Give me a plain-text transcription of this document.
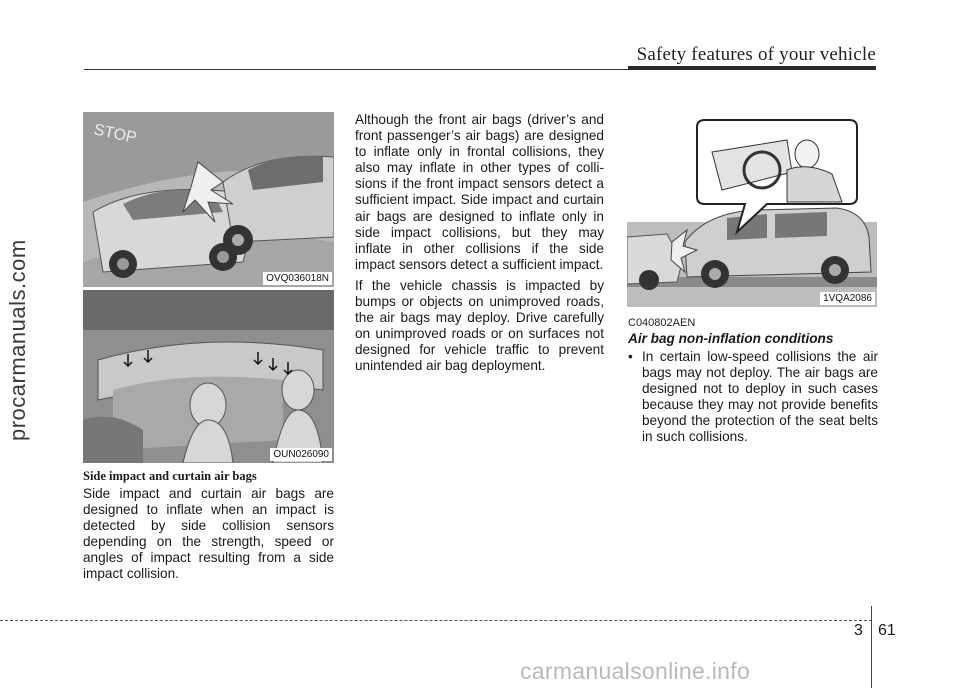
Safety features of your vehicle
procarmanuals.com
STOP
OVQ036018N
OUN026090
1VQA2086
Side impact and curtain air bags

Side impact and curtain air bags are designed to inflate when an impact is detected by side collision sensors depending on the strength, speed or angles of impact resulting from a side impact collision.

Although the front air bags (driver’s and front passenger’s air bags) are designed to inflate only in frontal collisions, they also may inflate in other types of colli-sions if the front impact sensors detect a sufficient impact. Side impact and curtain air bags are designed to inflate only in side impact collisions, but they may inflate in other collisions if the side impact sensors detect a sufficient impact.

If the vehicle chassis is impacted by bumps or objects on unimproved roads, the air bags may deploy. Drive carefully on unimproved roads or on surfaces not designed for vehicle traffic to prevent unintended air bag deployment.

C040802AEN
Air bag non-inflation conditions
• In certain low-speed collisions the air bags may not deploy. The air bags are designed not to deploy in such cases because they may not provide benefits beyond the protection of the seat belts in such collisions.
3 61
carmanualsonline.info
